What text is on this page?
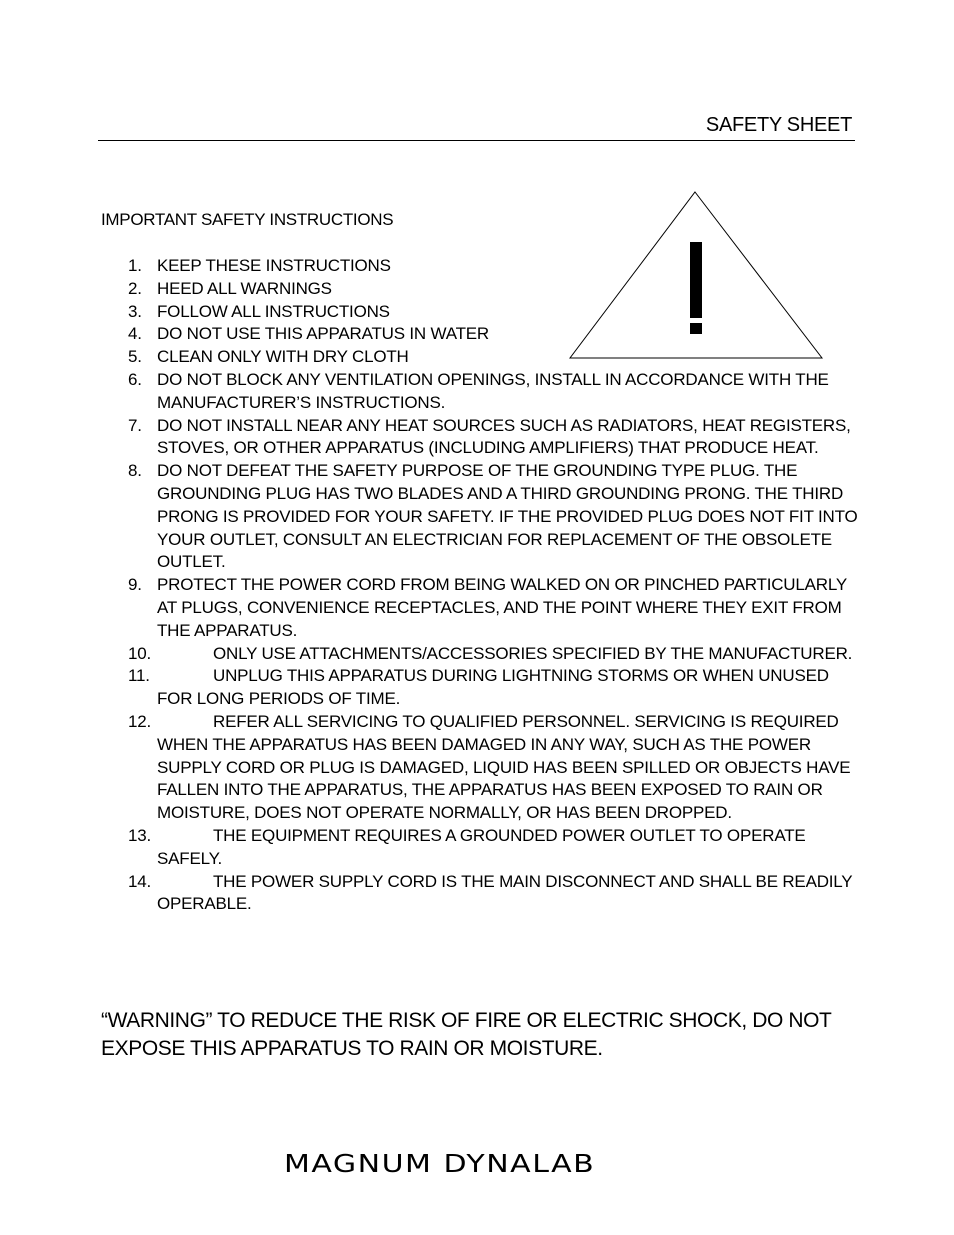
SAFETY SHEET
IMPORTANT SAFETY INSTRUCTIONS
1. KEEP THESE INSTRUCTIONS
2. HEED ALL WARNINGS
3. FOLLOW ALL INSTRUCTIONS
4. DO NOT USE THIS APPARATUS IN WATER
5. CLEAN ONLY WITH DRY CLOTH
6. DO NOT BLOCK ANY VENTILATION OPENINGS, INSTALL IN ACCORDANCE WITH THE MANUFACTURER’S INSTRUCTIONS.
7. DO NOT INSTALL NEAR ANY HEAT SOURCES SUCH AS RADIATORS, HEAT REGISTERS, STOVES, OR OTHER APPARATUS (INCLUDING AMPLIFIERS) THAT PRODUCE HEAT.
8. DO NOT DEFEAT THE SAFETY PURPOSE OF THE GROUNDING TYPE PLUG. THE GROUNDING PLUG HAS TWO BLADES AND A THIRD GROUNDING PRONG. THE THIRD PRONG IS PROVIDED FOR YOUR SAFETY. IF THE PROVIDED PLUG DOES NOT FIT INTO YOUR OUTLET, CONSULT AN ELECTRICIAN FOR REPLACEMENT OF THE OBSOLETE OUTLET.
9. PROTECT THE POWER CORD FROM BEING WALKED ON OR PINCHED PARTICULARLY AT PLUGS, CONVENIENCE RECEPTACLES, AND THE POINT WHERE THEY EXIT FROM THE APPARATUS.
10.	ONLY USE ATTACHMENTS/ACCESSORIES SPECIFIED BY THE MANUFACTURER.
11.	UNPLUG THIS APPARATUS DURING LIGHTNING STORMS OR WHEN UNUSED FOR LONG PERIODS OF TIME.
12.	REFER ALL SERVICING TO QUALIFIED PERSONNEL. SERVICING IS REQUIRED WHEN THE APPARATUS HAS BEEN DAMAGED IN ANY WAY, SUCH AS THE POWER SUPPLY CORD OR PLUG IS DAMAGED, LIQUID HAS BEEN SPILLED OR OBJECTS HAVE FALLEN INTO THE APPARATUS, THE APPARATUS HAS BEEN EXPOSED TO RAIN OR MOISTURE, DOES NOT OPERATE NORMALLY, OR HAS BEEN DROPPED.
13.	THE EQUIPMENT REQUIRES A GROUNDED POWER OUTLET TO OPERATE SAFELY.
14.	THE POWER SUPPLY CORD IS THE MAIN DISCONNECT AND SHALL BE READILY OPERABLE.

“WARNING” TO REDUCE THE RISK OF FIRE OR ELECTRIC SHOCK, DO NOT EXPOSE THIS APPARATUS TO RAIN OR MOISTURE.

MAGNUM DYNALAB
